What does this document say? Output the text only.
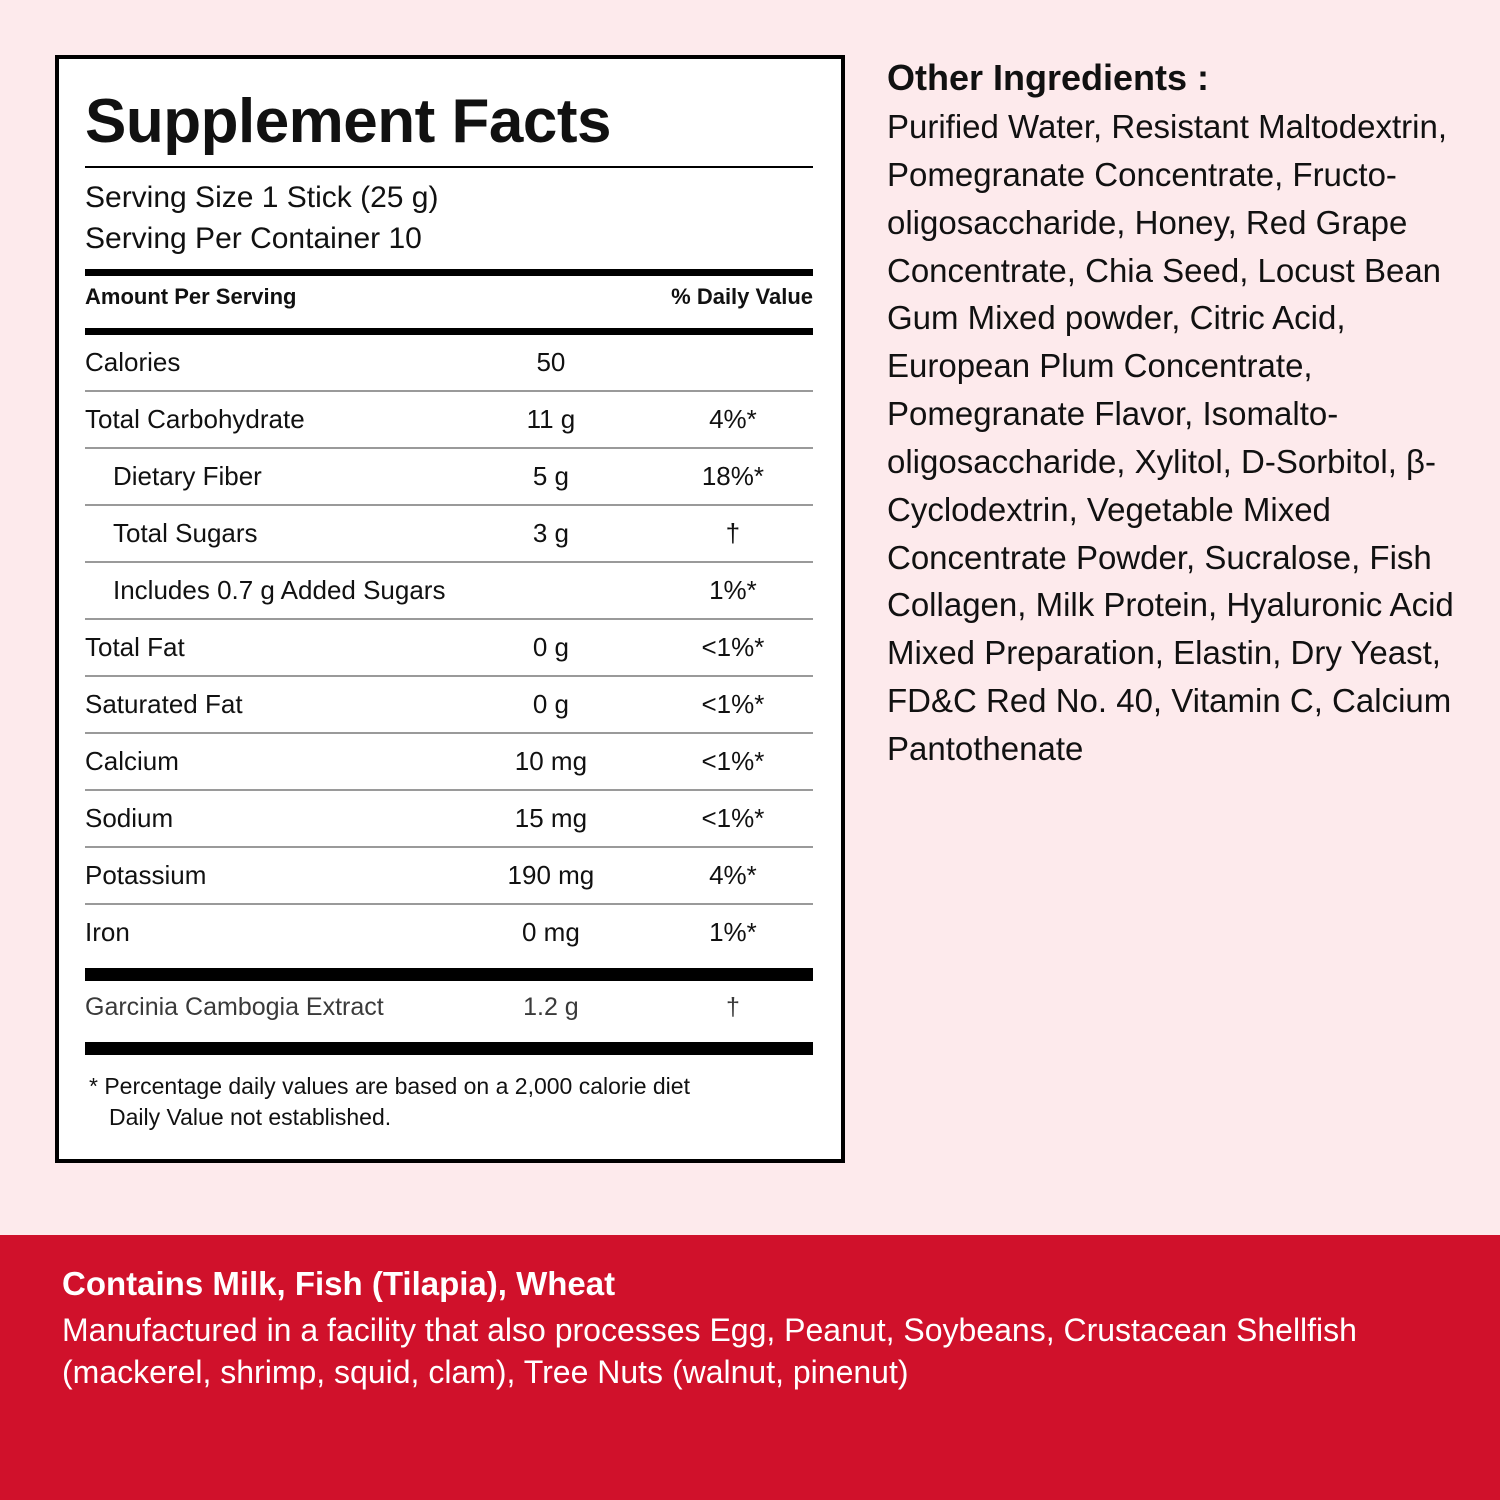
Supplement Facts
Serving Size 1 Stick (25 g)
Serving Per Container 10
Amount Per Serving		% Daily Value
Calories	50	
Total Carbohydrate	11 g	4%*
Dietary Fiber	5 g	18%*
Total Sugars	3 g	†
Includes 0.7 g Added Sugars		1%*
Total Fat	0 g	<1%*
Saturated Fat	0 g	<1%*
Calcium	10 mg	<1%*
Sodium	15 mg	<1%*
Potassium	190 mg	4%*
Iron	0 mg	1%*
Garcinia Cambogia Extract	1.2 g	†
* Percentage daily values are based on a 2,000 calorie diet
Daily Value not established.
Other Ingredients :
Purified Water, Resistant Maltodextrin, Pomegranate Concentrate, Fructo-oligosaccharide, Honey, Red Grape Concentrate, Chia Seed, Locust Bean Gum Mixed powder, Citric Acid, European Plum Concentrate, Pomegranate Flavor, Isomalto-oligosaccharide, Xylitol, D-Sorbitol, β-Cyclodextrin, Vegetable Mixed Concentrate Powder, Sucralose, Fish Collagen, Milk Protein, Hyaluronic Acid Mixed Preparation, Elastin, Dry Yeast, FD&C Red No. 40, Vitamin C, Calcium Pantothenate
Contains Milk, Fish (Tilapia), Wheat
Manufactured in a facility that also processes Egg, Peanut, Soybeans, Crustacean Shellfish (mackerel, shrimp, squid, clam), Tree Nuts (walnut, pinenut)
